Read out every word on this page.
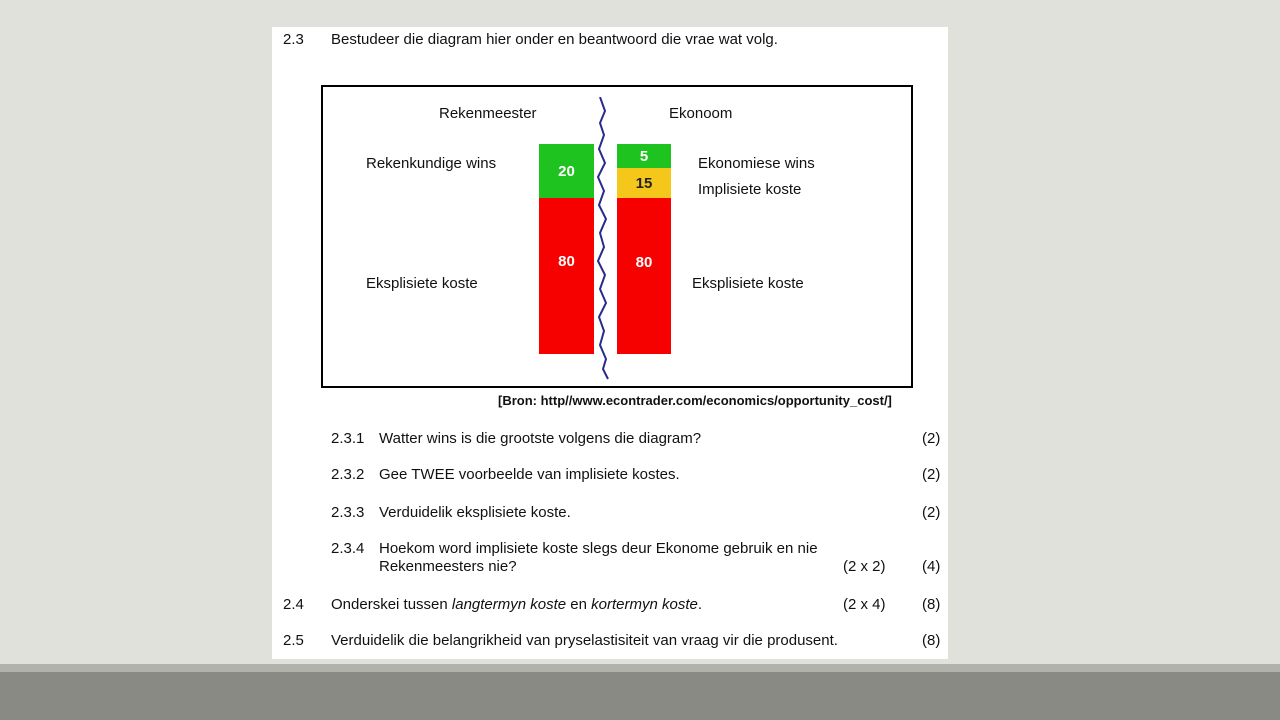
2.3 Bestudeer die diagram hier onder en beantwoord die vrae wat volg.
Rekenmeester	Ekonoom
Rekenkundige wins
Eksplisiete koste
Ekonomiese wins
Implisiete koste
Eksplisiete koste
20
80
5
15
80
[Bron: http//www.econtrader.com/economics/opportunity_cost/]
2.3.1 Watter wins is die grootste volgens die diagram?	(2)
2.3.2 Gee TWEE voorbeelde van implisiete kostes.	(2)
2.3.3 Verduidelik eksplisiete koste.	(2)
2.3.4 Hoekom word implisiete koste slegs deur Ekonome gebruik en nie
Rekenmeesters nie?	(2 x 2) (4)
2.4 Onderskei tussen langtermyn koste en kortermyn koste.	(2 x 4) (8)
2.5 Verduidelik die belangrikheid van pryselastisiteit van vraag vir die produsent.	(8)
